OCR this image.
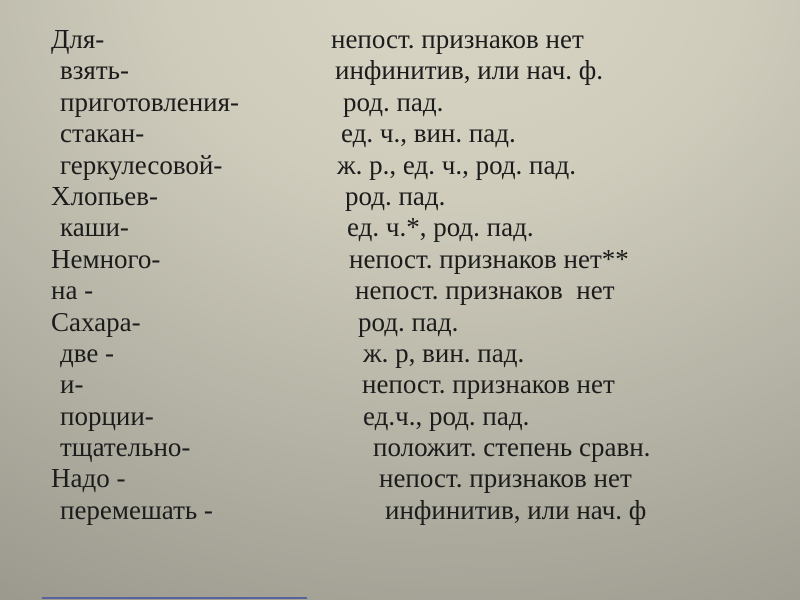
Для-	непост. признаков нет
взять-	инфинитив, или нач. ф.
приготовления-	род. пад.
стакан-	ед. ч., вин. пад.
геркулесовой-	ж. р., ед. ч., род. пад.
Хлопьев-	род. пад.
каши-	ед. ч.*, род. пад.
Немного-	непост. признаков нет**
на -	непост. признаков  нет
Сахара-	род. пад.
две -	ж. р, вин. пад.
и-	непост. признаков нет
порции-	ед.ч., род. пад.
тщательно-	положит. степень сравн.
Надо -	непост. признаков нет
перемешать -	инфинитив, или нач. ф
